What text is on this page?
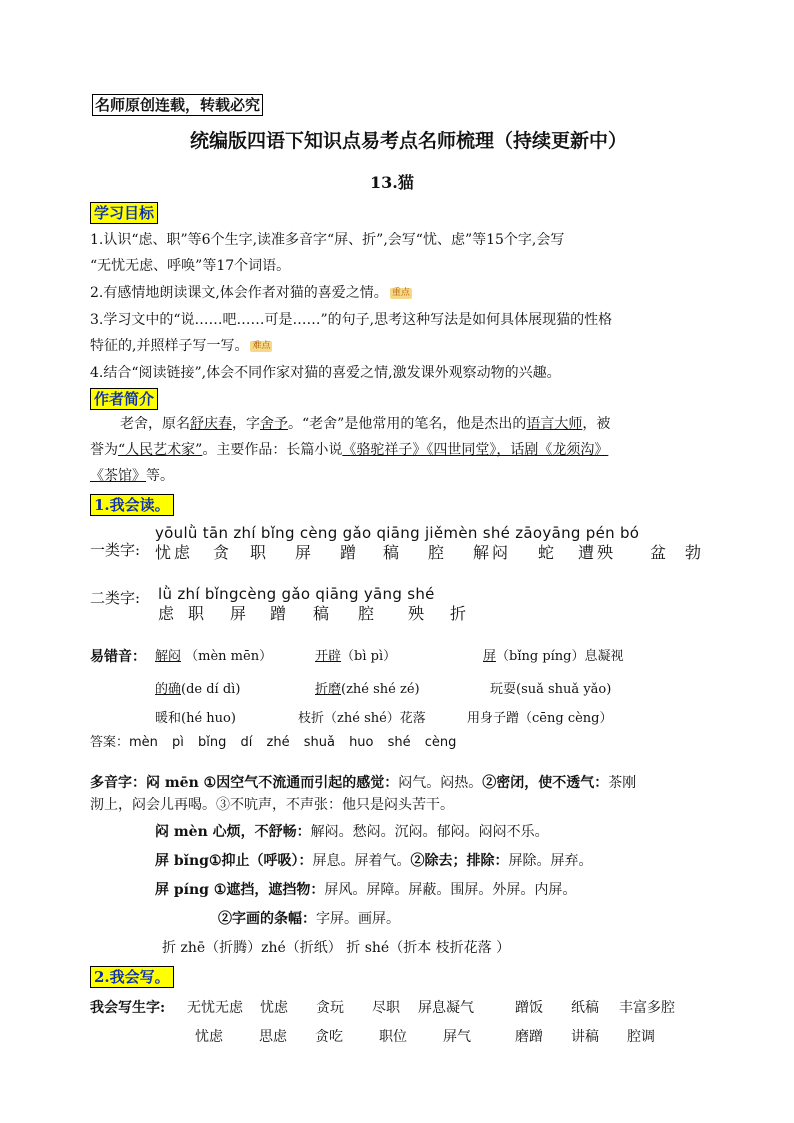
名师原创连载，转载必究
统编版四语下知识点易考点名师梳理（持续更新中）
13.猫
学习目标
1.认识“虑、职”等6个生字,读准多音字“屏、折”,会写“忧、虑”等15个字,会写
“无忧无虑、呼唤”等17个词语。
2.有感情地朗读课文,体会作者对猫的喜爱之情。 重点
3.学习文中的“说……吧……可是……”的句子,思考这种写法是如何具体展现猫的性格
特征的,并照样子写一写。 难点
4.结合“阅读链接”,体会不同作家对猫的喜爱之情,激发课外观察动物的兴趣。
作者简介
老舍，原名舒庆春，字舍予。“老舍”是他常用的笔名，他是杰出的语言大师，被
誉为“人民艺术家”。主要作品：长篇小说《骆驼祥子》《四世同堂》，话剧《龙须沟》
《茶馆》等。
1.我会读。
一类字:
yōulǜ tān zhí bǐng cèng gǎo qiāng jiěmèn shé zāoyāng pén bó
忧虑 贪 职 屏 蹭 稿 腔 解闷 蛇 遭殃 盆 勃
二类字: lǜ zhí bǐngcèng gǎo qiāng yāng shé
虑 职 屏 蹭 稿 腔 殃 折
易错音： 解闷 （mèn mēn）	开辟（bì pì）	屏（bǐng píng）息凝视
的确(de dí dì)	折磨(zhé shé zé)	玩耍(suǎ shuǎ yǎo)
暖和(hé huo)	枝折（zhé shé）花落	用身子蹭（cēng cèng）
答案：mèn pì bǐng dí zhé shuǎ huo shé cèng
多音字：闷 mēn ①因空气不流通而引起的感觉：闷气。闷热。②密闭，使不透气：茶刚
沏上，闷会儿再喝。③不吭声，不声张：他只是闷头苦干。
闷 mèn 心烦，不舒畅：解闷。愁闷。沉闷。郁闷。闷闷不乐。
屏 bǐng①抑止（呼吸）：屏息。屏着气。②除去；排除：屏除。屏弃。
屏 píng ①遮挡，遮挡物：屏风。屏障。屏蔽。围屏。外屏。内屏。
②字画的条幅：字屏。画屏。
折 zhē（折腾）zhé（折纸） 折 shé（折本 枝折花落 ）
2.我会写。
我会写生字: 无忧无虑 忧虑 贪玩 尽职 屏息凝气	蹭饭 纸稿 丰富多腔
忧虑	思虑 贪吃	职位	屏气	磨蹭 讲稿 腔调
